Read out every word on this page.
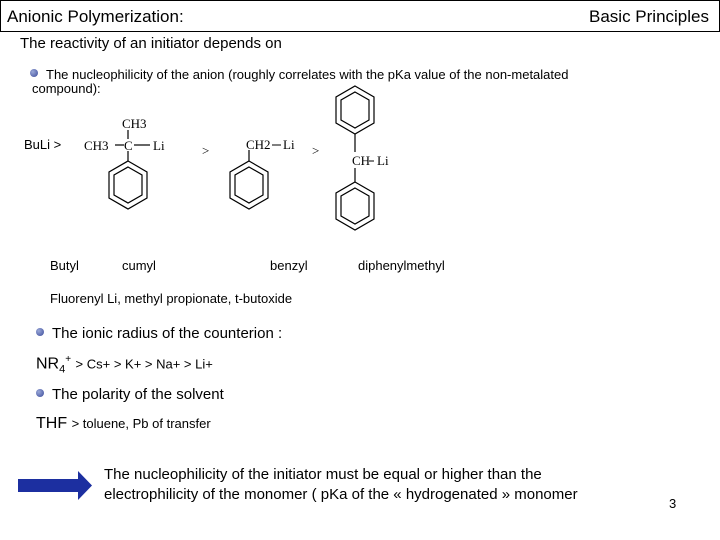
Anionic Polymerization:	Basic Principles
The reactivity of an initiator depends on
The nucleophilicity of the anion (roughly correlates with the pKa value of the non-metalated
compound):
BuLi >
CH3
CH3 C Li	CH2 Li
CH Li
>	>
Butyl	cumyl	benzyl	diphenylmethyl
Fluorenyl Li, methyl propionate, t-butoxide
The ionic radius of the counterion :
$NR_4^+ > Cs+ > K+ > Na+ > Li+$
The polarity of the solvent
THF > toluene, Pb of transfer
The nucleophilicity of the initiator must be equal or higher than the
electrophilicity of the monomer ( pKa of the « hydrogenated » monomer
3
